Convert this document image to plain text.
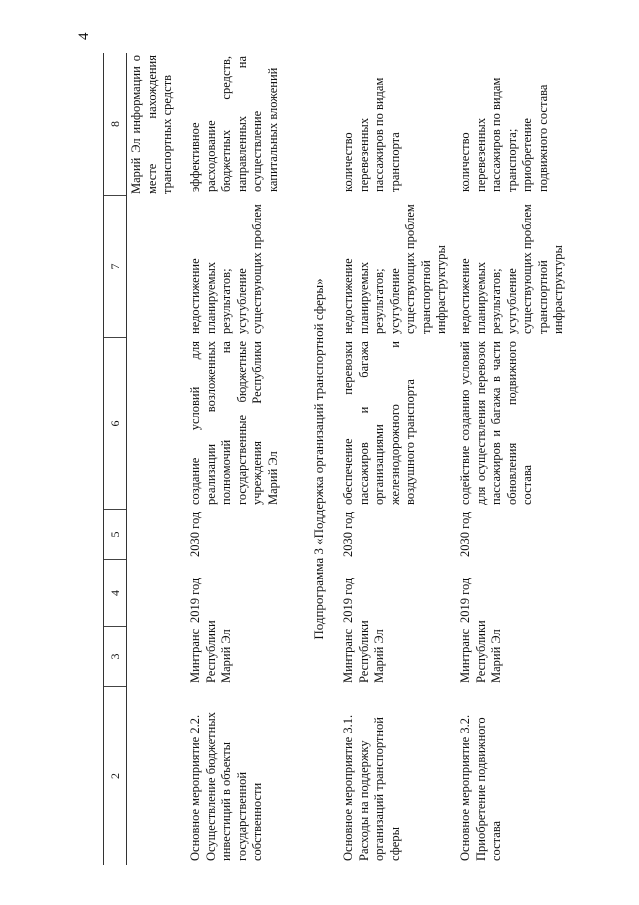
4
2
3
4
5
6
7
8 Марий Эл информации о месте нахождения транспортных средств
Основное мероприятие 2.2. Осуществление бюджетных инвестиций в объекты государственной собственности
Минтранс Республики Марий Эл
2019 год
2030 год
создание условий для реализации возложенных полномочий на государственные бюджетные учреждения Республики Марий Эл
недостижение планируемых результатов; усугубление существующих проблем
эффективное расходование бюджетных средств, направленных на осуществление капитальных вложений
Подпрограмма 3 «Поддержка организаций транспортной сферы»
Основное мероприятие 3.1. Расходы на поддержку организаций транспортной сферы
Минтранс Республики Марий Эл
2019 год
2030 год
обеспечение перевозки пассажиров и багажа организациями железнодорожного и воздушного транспорта
недостижение планируемых результатов; усугубление существующих проблем транспортной инфраструктуры
количество перевезенных пассажиров по видам транспорта
Основное мероприятие 3.2. Приобретение подвижного состава
Минтранс Республики Марий Эл
2019 год
2030 год
содействие созданию условий для осуществления перевозок пассажиров и багажа в части обновления подвижного состава
недостижение планируемых результатов; усугубление существующих проблем транспортной инфраструктуры
количество перевезенных пассажиров по видам транспорта; приобретение подвижного состава
